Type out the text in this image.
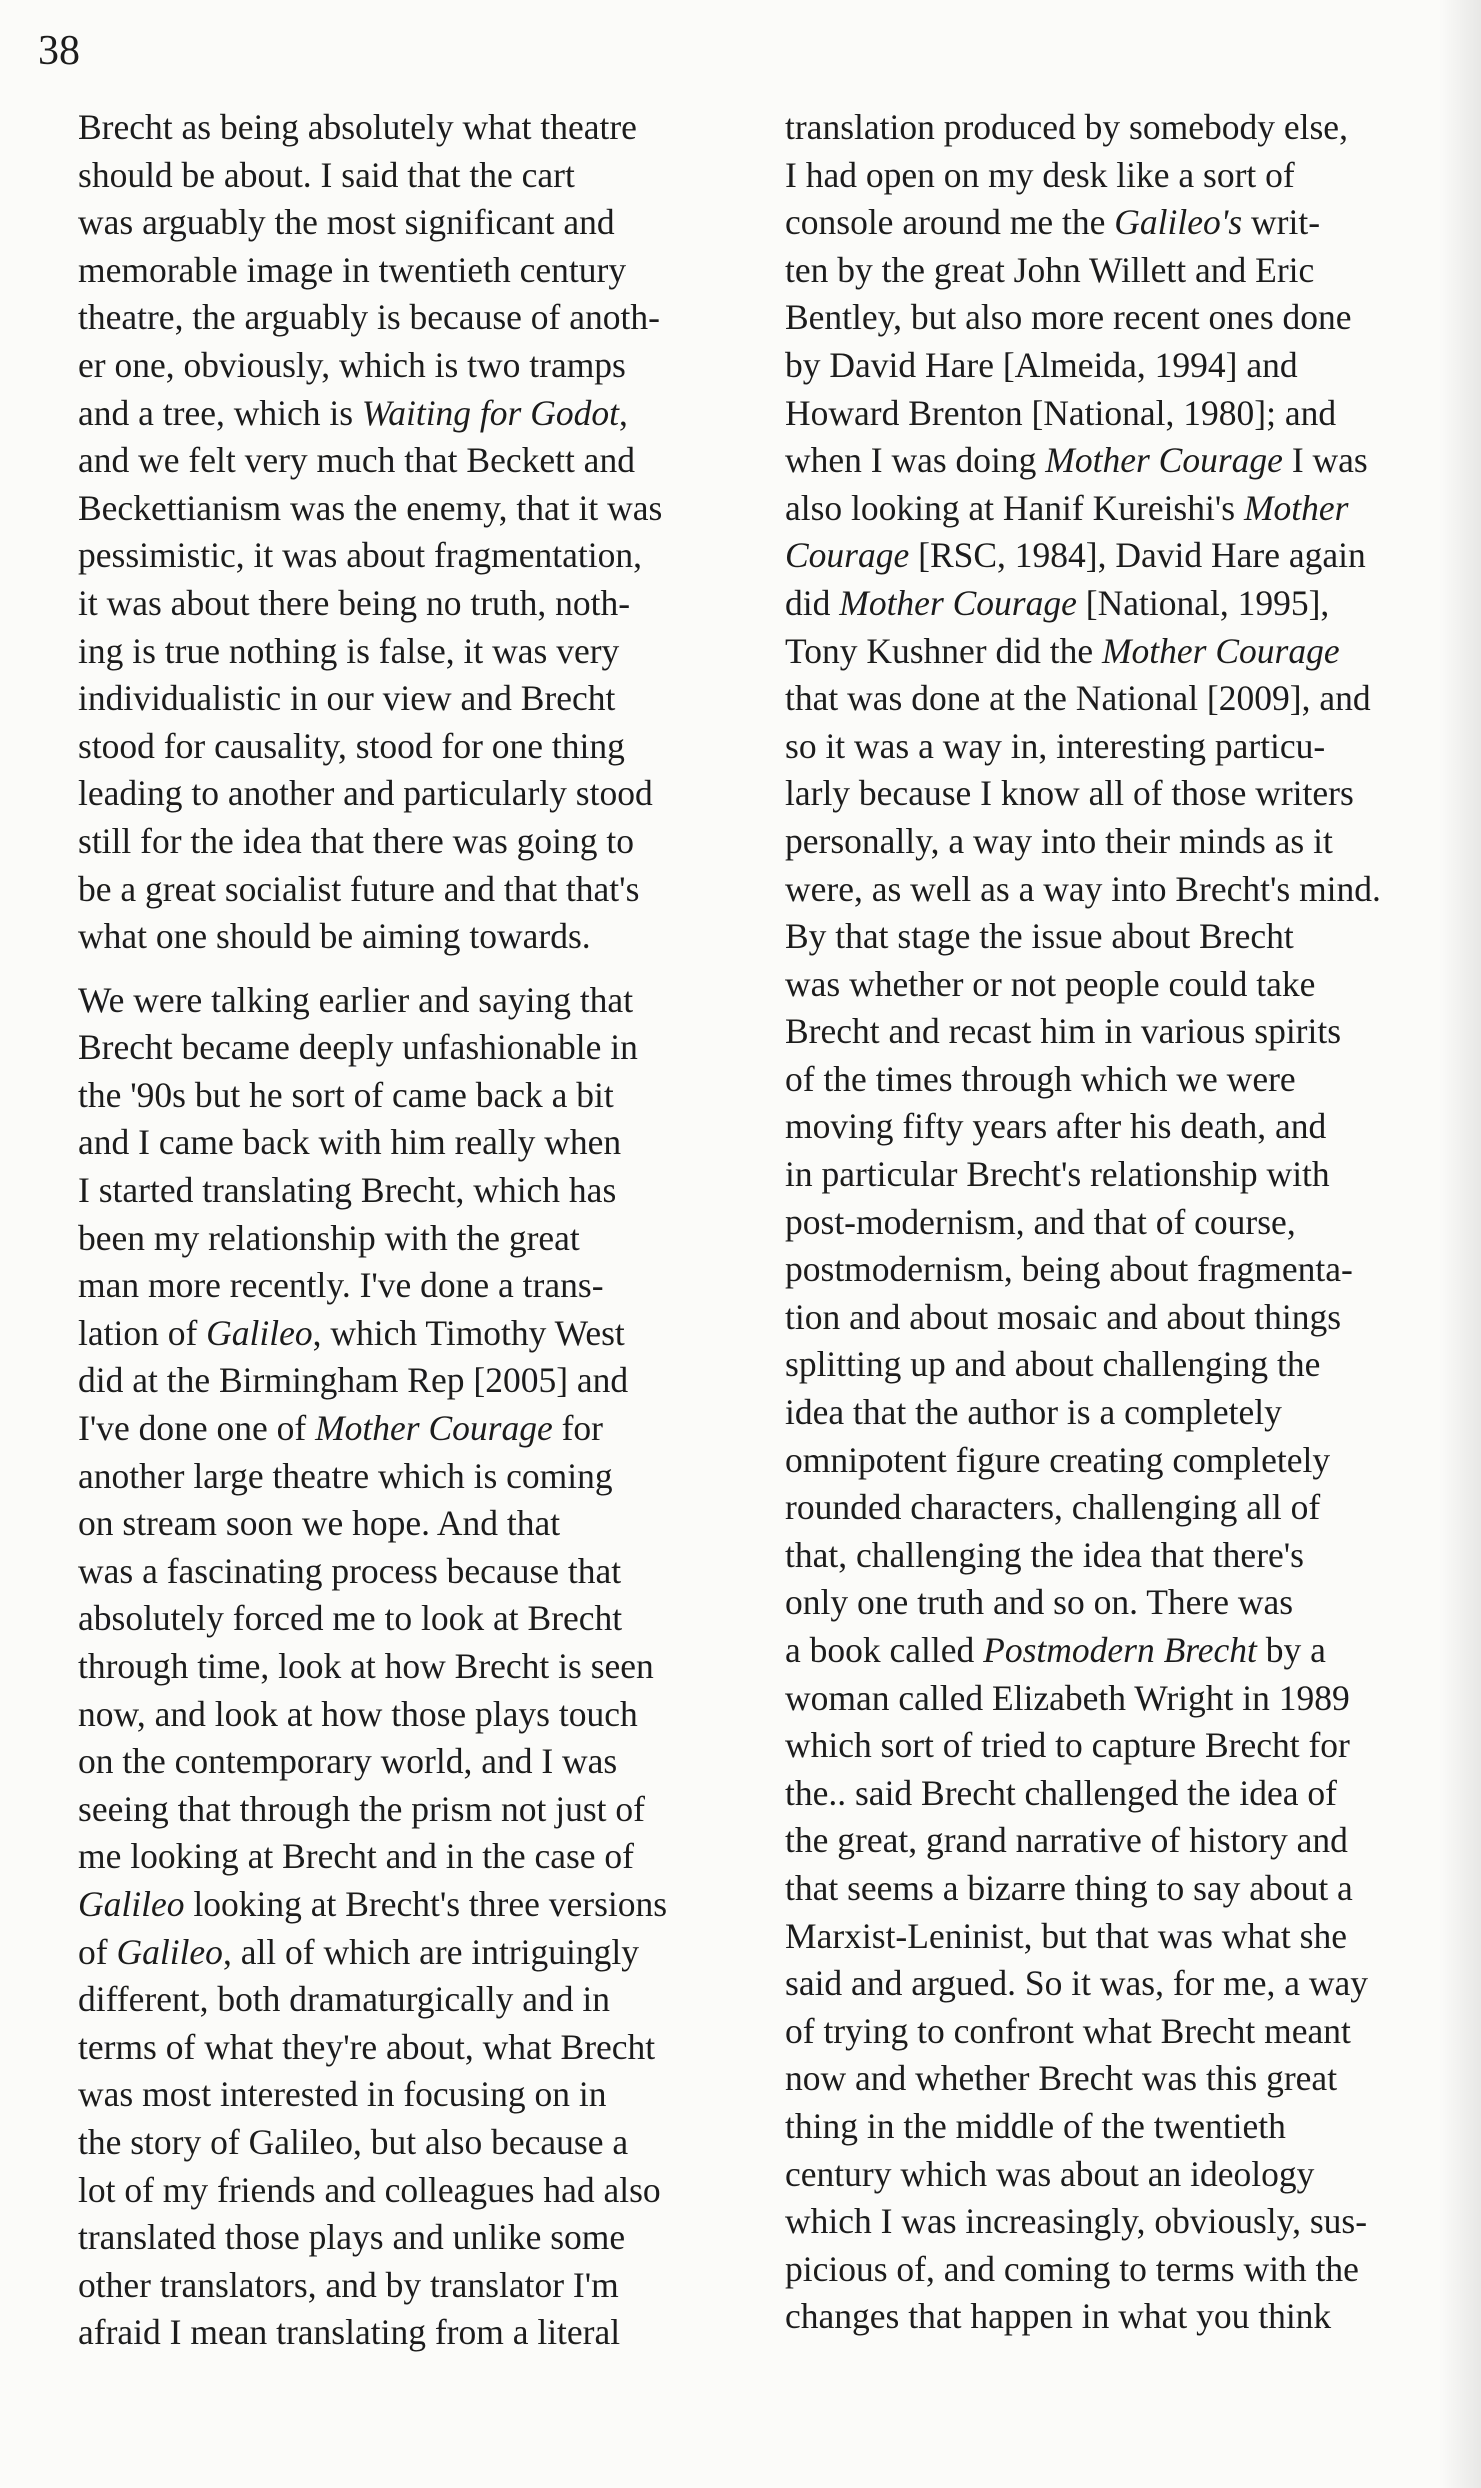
38
Brecht as being absolutely what theatre
should be about. I said that the cart
was arguably the most significant and
memorable image in twentieth century
theatre, the arguably is because of anoth-
er one, obviously, which is two tramps
and a tree, which is Waiting for Godot,
and we felt very much that Beckett and
Beckettianism was the enemy, that it was
pessimistic, it was about fragmentation,
it was about there being no truth, noth-
ing is true nothing is false, it was very
individualistic in our view and Brecht
stood for causality, stood for one thing
leading to another and particularly stood
still for the idea that there was going to
be a great socialist future and that that's
what one should be aiming towards.
We were talking earlier and saying that
Brecht became deeply unfashionable in
the '90s but he sort of came back a bit
and I came back with him really when
I started translating Brecht, which has
been my relationship with the great
man more recently. I've done a trans-
lation of Galileo, which Timothy West
did at the Birmingham Rep [2005] and
I've done one of Mother Courage for
another large theatre which is coming
on stream soon we hope. And that
was a fascinating process because that
absolutely forced me to look at Brecht
through time, look at how Brecht is seen
now, and look at how those plays touch
on the contemporary world, and I was
seeing that through the prism not just of
me looking at Brecht and in the case of
Galileo looking at Brecht's three versions
of Galileo, all of which are intriguingly
different, both dramaturgically and in
terms of what they're about, what Brecht
was most interested in focusing on in
the story of Galileo, but also because a
lot of my friends and colleagues had also
translated those plays and unlike some
other translators, and by translator I'm
afraid I mean translating from a literal
translation produced by somebody else,
I had open on my desk like a sort of
console around me the Galileo's writ-
ten by the great John Willett and Eric
Bentley, but also more recent ones done
by David Hare [Almeida, 1994] and
Howard Brenton [National, 1980]; and
when I was doing Mother Courage I was
also looking at Hanif Kureishi's Mother
Courage [RSC, 1984], David Hare again
did Mother Courage [National, 1995],
Tony Kushner did the Mother Courage
that was done at the National [2009], and
so it was a way in, interesting particu-
larly because I know all of those writers
personally, a way into their minds as it
were, as well as a way into Brecht's mind.
By that stage the issue about Brecht
was whether or not people could take
Brecht and recast him in various spirits
of the times through which we were
moving fifty years after his death, and
in particular Brecht's relationship with
post-modernism, and that of course,
postmodernism, being about fragmenta-
tion and about mosaic and about things
splitting up and about challenging the
idea that the author is a completely
omnipotent figure creating completely
rounded characters, challenging all of
that, challenging the idea that there's
only one truth and so on. There was
a book called Postmodern Brecht by a
woman called Elizabeth Wright in 1989
which sort of tried to capture Brecht for
the.. said Brecht challenged the idea of
the great, grand narrative of history and
that seems a bizarre thing to say about a
Marxist-Leninist, but that was what she
said and argued. So it was, for me, a way
of trying to confront what Brecht meant
now and whether Brecht was this great
thing in the middle of the twentieth
century which was about an ideology
which I was increasingly, obviously, sus-
picious of, and coming to terms with the
changes that happen in what you think
